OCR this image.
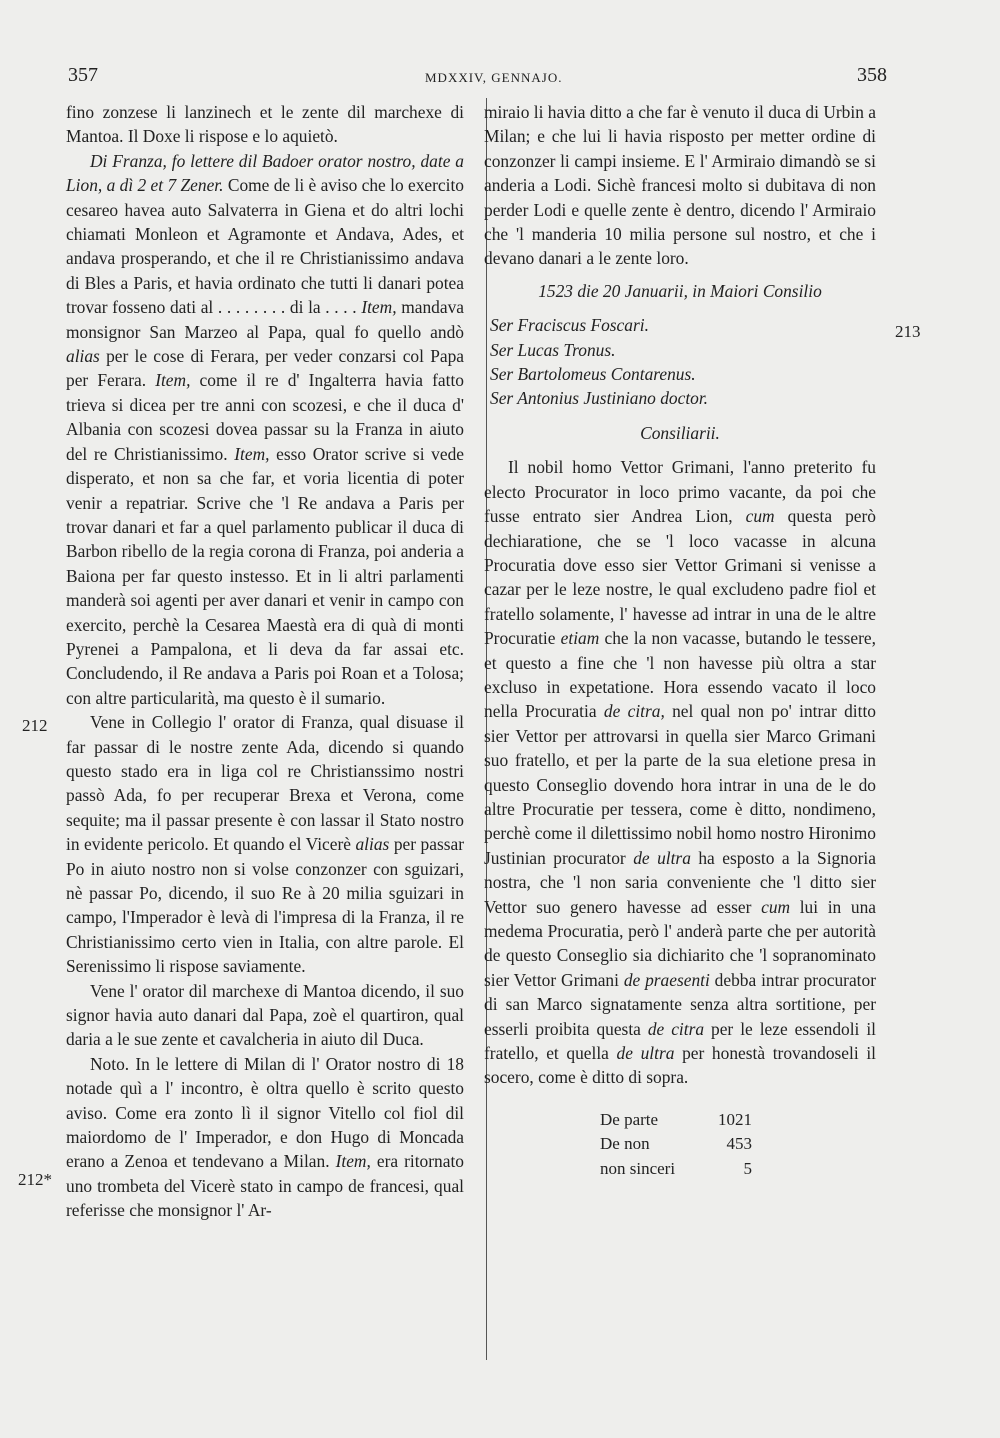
357	MDXXIV, GENNAJO.	358
212
212*
213

fino zonzese li lanzinech et le zente dil marchexe di Mantoa. Il Doxe li rispose e lo aquietò.

Di Franza, fo lettere dil Badoer orator nostro, date a Lion, a dì 2 et 7 Zener. Come de li è aviso che lo exercito cesareo havea auto Salvaterra in Giena et do altri lochi chiamati Monleon et Agramonte et Andava, Ades, et andava prosperando, et che il re Christianissimo andava di Bles a Paris, et havia ordinato che tutti li danari potea trovar fosseno dati al . . . . . . . . di la . . . . Item, mandava monsignor San Marzeo al Papa, qual fo quello andò alias per le cose di Ferara, per veder conzarsi col Papa per Ferara. Item, come il re d' Ingalterra havia fatto trieva si dicea per tre anni con scozesi, e che il duca d' Albania con scozesi dovea passar su la Franza in aiuto del re Christianissimo. Item, esso Orator scrive si vede disperato, et non sa che far, et voria licentia di poter venir a repatriar. Scrive che 'l Re andava a Paris per trovar danari et far a quel parlamento publicar il duca di Barbon ribello de la regia corona di Franza, poi anderia a Baiona per far questo instesso. Et in li altri parlamenti manderà soi agenti per aver danari et venir in campo con exercito, perchè la Cesarea Maestà era di quà di monti Pyrenei a Pampalona, et li deva da far assai etc. Concludendo, il Re andava a Paris poi Roan et a Tolosa; con altre particularità, ma questo è il sumario.

Vene in Collegio l' orator di Franza, qual disuase il far passar di le nostre zente Ada, dicendo si quando questo stado era in liga col re Christianssimo nostri passò Ada, fo per recuperar Brexa et Verona, come sequite; ma il passar presente è con lassar il Stato nostro in evidente pericolo. Et quando el Vicerè alias per passar Po in aiuto nostro non si volse conzonzer con sguizari, nè passar Po, dicendo, il suo Re à 20 milia sguizari in campo, l'Imperador è levà di l'impresa di la Franza, il re Christianissimo certo vien in Italia, con altre parole. El Serenissimo li rispose saviamente.

Vene l' orator dil marchexe di Mantoa dicendo, il suo signor havia auto danari dal Papa, zoè el quartiron, qual daria a le sue zente et cavalcheria in aiuto dil Duca.

Noto. In le lettere di Milan di l' Orator nostro di 18 notade quì a l' incontro, è oltra quello è scrito questo aviso. Come era zonto lì il signor Vitello col fiol dil maiordomo de l' Imperador, e don Hugo di Moncada erano a Zenoa et tendevano a Milan. Item, era ritornato uno trombeta del Vicerè stato in campo de francesi, qual referisse che monsignor l' Ar-

miraio li havia ditto a che far è venuto il duca di Urbin a Milan; e che lui li havia risposto per metter ordine di conzonzer li campi insieme. E l' Armiraio dimandò se si anderia a Lodi. Sichè francesi molto si dubitava di non perder Lodi e quelle zente è dentro, dicendo l' Armiraio che 'l manderia 10 milia persone sul nostro, et che i devano danari a le zente loro.

1523 die 20 Januarii, in Maiori Consilio

Ser Fraciscus Foscari.
Ser Lucas Tronus.
Ser Bartolomeus Contarenus.
Ser Antonius Justiniano doctor.

Consiliarii.

Il nobil homo Vettor Grimani, l'anno preterito fu electo Procurator in loco primo vacante, da poi che fusse entrato sier Andrea Lion, cum questa però dechiaratione, che se 'l loco vacasse in alcuna Procuratia dove esso sier Vettor Grimani si venisse a cazar per le leze nostre, le qual excludeno padre fiol et fratello solamente, l' havesse ad intrar in una de le altre Procuratie etiam che la non vacasse, butando le tessere, et questo a fine che 'l non havesse più oltra a star excluso in expetatione. Hora essendo vacato il loco nella Procuratia de citra, nel qual non po' intrar ditto sier Vettor per attrovarsi in quella sier Marco Grimani suo fratello, et per la parte de la sua eletione presa in questo Conseglio dovendo hora intrar in una de le do altre Procuratie per tessera, come è ditto, nondimeno, perchè come il dilettissimo nobil homo nostro Hironimo Justinian procurator de ultra ha esposto a la Signoria nostra, che 'l non saria conveniente che 'l ditto sier Vettor suo genero havesse ad esser cum lui in una medema Procuratia, però l' anderà parte che per autorità de questo Conseglio sia dichiarito che 'l sopranominato sier Vettor Grimani de praesenti debba intrar procurator di san Marco signatamente senza altra sortitione, per esserli proibita questa de citra per le leze essendoli il fratello, et quella de ultra per honestà trovandoseli il socero, come è ditto di sopra.

De parte	1021
De non	453
non sinceri	5
